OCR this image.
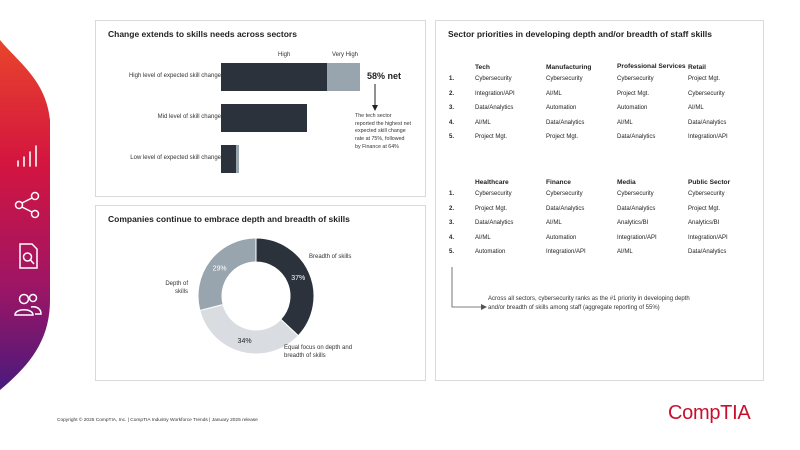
Change extends to skills needs across sectors
High	Very High
High level of expected skill change
Mid level of skill change
Low level of expected skill change
58% net
The tech sector reported the highest net expected skill change rate at 75%, followed by Finance at 64%
Companies continue to embrace depth and breadth of skills
37%
34%
29%
Breadth of skills
Equal focus on depth and breadth of skills
Depth of skills
Sector priorities in developing depth and/or breadth of staff skills
	Tech	Manufacturing	Professional Services	Retail
1.	Cybersecurity	Cybersecurity	Cybersecurity	Project Mgt.
2.	Integration/API	AI/ML	Project Mgt.	Cybersecurity
3.	Data/Analytics	Automation	Automation	AI/ML
4.	AI/ML	Data/Analytics	AI/ML	Data/Analytics
5.	Project Mgt.	Project Mgt.	Data/Analytics	Integration/API
	Healthcare	Finance	Media	Public Sector
1.	Cybersecurity	Cybersecurity	Cybersecurity	Cybersecurity
2.	Project Mgt.	Data/Analytics	Data/Analytics	Project Mgt.
3.	Data/Analytics	AI/ML	Analytics/BI	Analytics/BI
4.	AI/ML	Automation	Integration/API	Integration/API
5.	Automation	Integration/API	AI/ML	Data/Analytics
Across all sectors, cybersecurity ranks as the #1 priority in developing depth and/or breadth of skills among staff (aggregate reporting of 55%)
Copyright © 2025 CompTIA, Inc. | CompTIA Industry Workforce Trends | January 2025 release	CompTIA
